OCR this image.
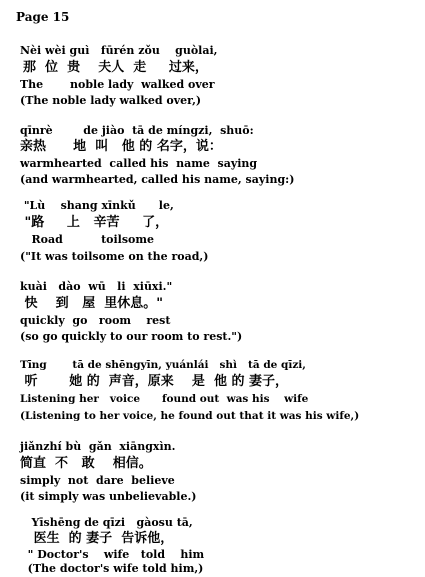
Page 15
Nèi wèi guì   fūrén zǒu    guòlai,
那  位  贵    夫人  走     过来，
The       noble lady  walked over
(The noble lady walked over,)
qīnrè        de jiào  tā de míngzi,  shuō:
亲热      地  叫   他 的 名字，说：
warmhearted  called his  name  saying
(and warmhearted, called his name, saying:)
"Lù    shang xīnkǔ      le,
"路     上   辛苦     了，
Road          toilsome
("It was toilsome on the road,)
kuài   dào  wū   li  xiūxi."
快    到   屋  里休息。"
quickly  go   room    rest
(so go quickly to our room to rest.")
Tīng       tā de shēngyīn, yuánlái   shì   tā de qīzi,
听       她 的  声音，原来    是  他 的 妻子，
Listening her   voice      found out  was his    wife
(Listening to her voice, he found out that it was his wife,)
jiǎnzhí bù  gǎn  xiāngxìn.
简直  不   敢    相信。
simply  not  dare  believe
(it simply was unbelievable.)
Yīshēng de qīzi   gàosu tā,
医生  的 妻子  告诉他，
" Doctor's    wife   told    him
(The doctor's wife told him,)
